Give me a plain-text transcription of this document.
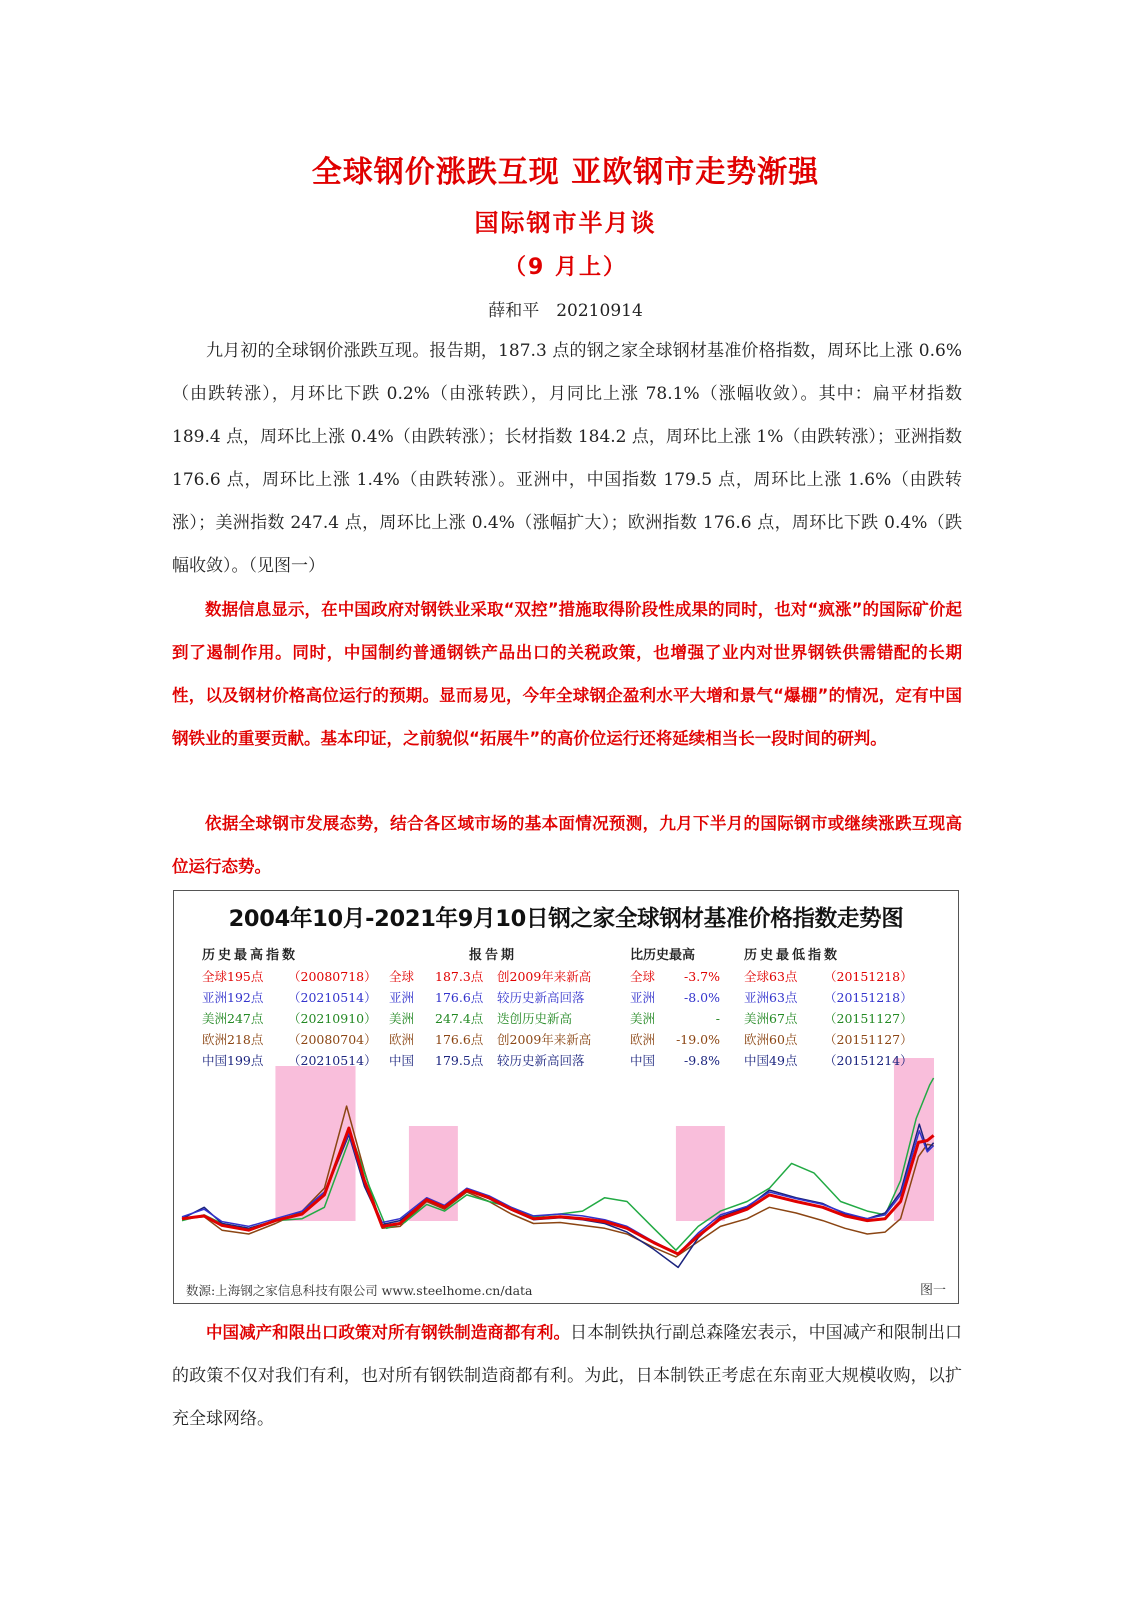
全球钢价涨跌互现 亚欧钢市走势渐强
国际钢市半月谈
（9 月上）
薛和平　20210914

九月初的全球钢价涨跌互现。报告期，187.3 点的钢之家全球钢材基准价格指数，周环比上涨 0.6%（由跌转涨），月环比下跌 0.2%（由涨转跌），月同比上涨 78.1%（涨幅收敛）。其中：扁平材指数 189.4 点，周环比上涨 0.4%（由跌转涨）；长材指数 184.2 点，周环比上涨 1%（由跌转涨）；亚洲指数 176.6 点，周环比上涨 1.4%（由跌转涨）。亚洲中，中国指数 179.5 点，周环比上涨 1.6%（由跌转涨）；美洲指数 247.4 点，周环比上涨 0.4%（涨幅扩大）；欧洲指数 176.6 点，周环比下跌 0.4%（跌幅收敛）。（见图一）

数据信息显示，在中国政府对钢铁业采取“双控”措施取得阶段性成果的同时，也对“疯涨”的国际矿价起到了遏制作用。同时，中国制约普通钢铁产品出口的关税政策，也增强了业内对世界钢铁供需错配的长期性，以及钢材价格高位运行的预期。显而易见，今年全球钢企盈利水平大增和景气“爆棚”的情况，定有中国钢铁业的重要贡献。基本印证，之前貌似“拓展牛”的高价位运行还将延续相当长一段时间的研判。

依据全球钢市发展态势，结合各区域市场的基本面情况预测，九月下半月的国际钢市或继续涨跌互现高位运行态势。

2004年10月-2021年9月10日钢之家全球钢材基准价格指数走势图
历史最高指数
全球195点 （20080718）
亚洲192点 （20210514）
美洲247点 （20210910）
欧洲218点 （20080704）
中国199点 （20210514）
报告期
全球 187.3点 创2009年来新高
亚洲 176.6点 较历史新高回落
美洲 247.4点 迭创历史新高
欧洲 176.6点 创2009年来新高
中国 179.5点 较历史新高回落
比历史最高
全球 -3.7%
亚洲 -8.0%
美洲	-
欧洲 -19.0%
中国 -9.8%
历史最低指数
全球63点 （20151218）
亚洲63点 （20151218）
美洲67点 （20151127）
欧洲60点 （20151127）
中国49点 （20151214）
数源:上海钢之家信息科技有限公司 www.steelhome.cn/data	图一

中国减产和限出口政策对所有钢铁制造商都有利。日本制铁执行副总森隆宏表示，中国减产和限制出口的政策不仅对我们有利，也对所有钢铁制造商都有利。为此，日本制铁正考虑在东南亚大规模收购，以扩充全球网络。
